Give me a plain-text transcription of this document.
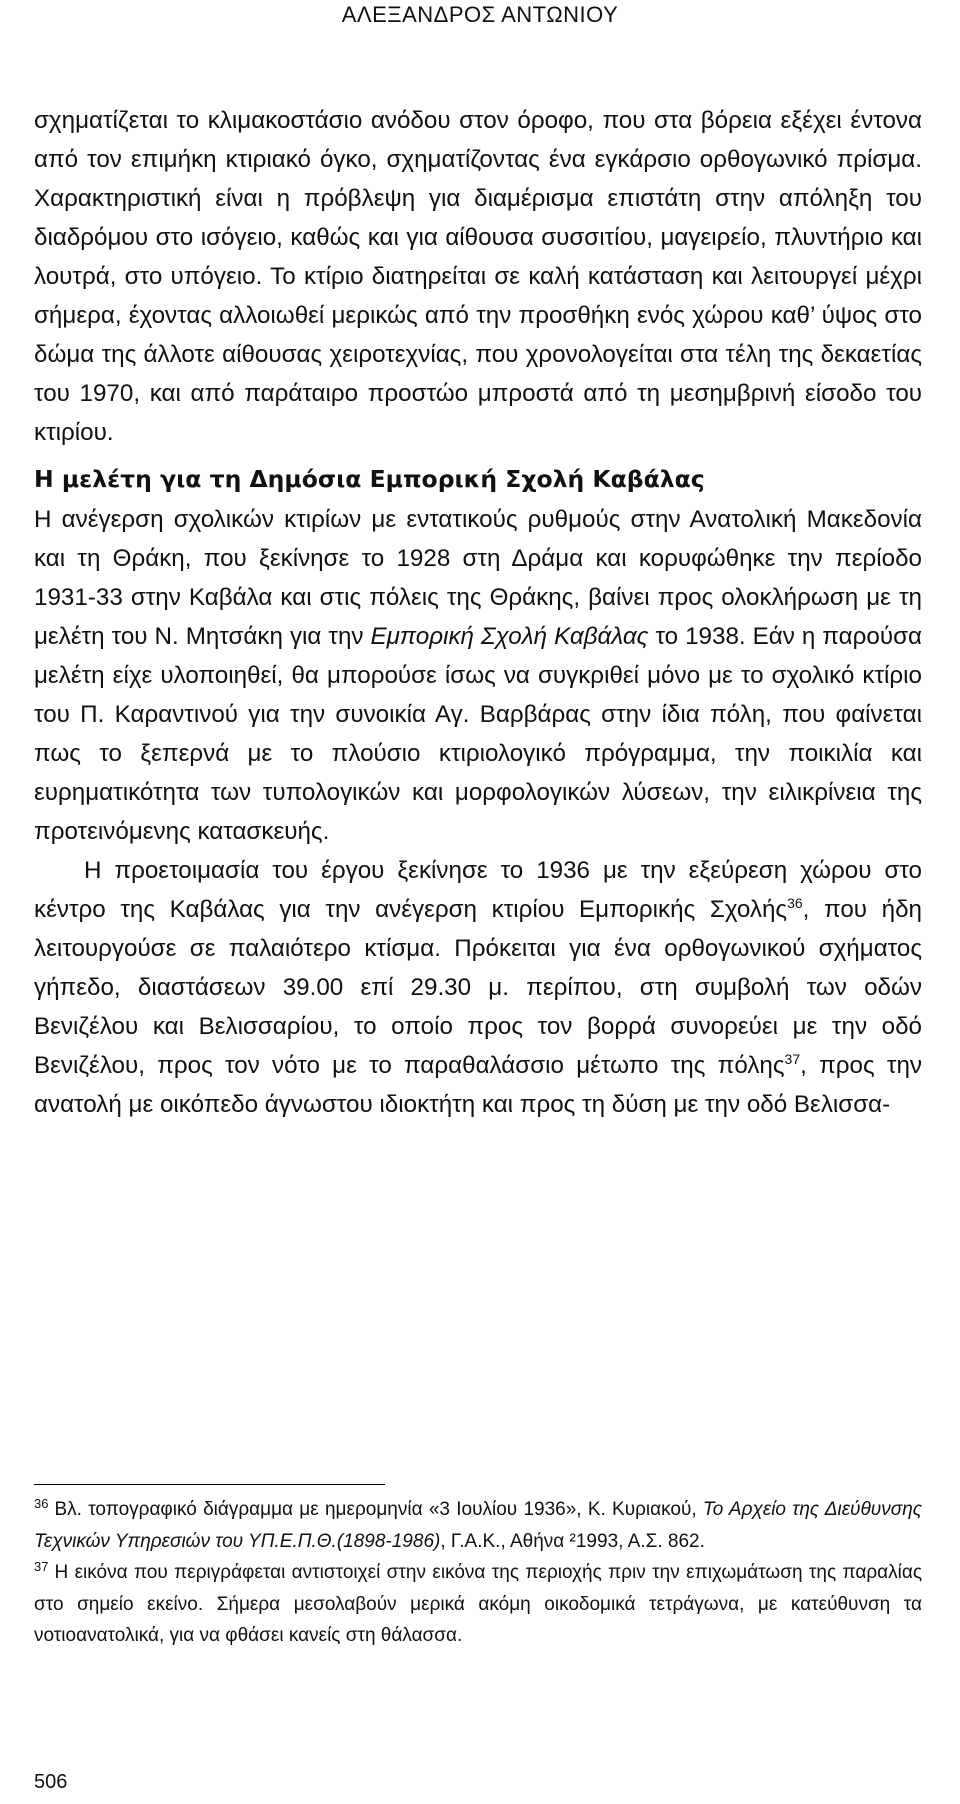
ΑΛΕΞΑΝΔΡΟΣ ΑΝΤΩΝΙΟΥ

σχηματίζεται το κλιμακοστάσιο ανόδου στον όροφο, που στα βόρεια εξέχει έντονα από τον επιμήκη κτιριακό όγκο, σχηματίζοντας ένα εγκάρσιο ορθογωνικό πρίσμα. Χαρακτηριστική είναι η πρόβλεψη για διαμέρισμα επιστάτη στην απόληξη του διαδρόμου στο ισόγειο, καθώς και για αίθουσα συσσιτίου, μαγειρείο, πλυντήριο και λουτρά, στο υπόγειο. Το κτίριο διατηρείται σε καλή κατάσταση και λειτουργεί μέχρι σήμερα, έχοντας αλλοιωθεί μερικώς από την προσθήκη ενός χώρου καθ’ ύψος στο δώμα της άλλοτε αίθουσας χειροτεχνίας, που χρονολογείται στα τέλη της δεκαετίας του 1970, και από παράταιρο προστώο μπροστά από τη μεσημβρινή είσοδο του κτιρίου.

Η μελέτη για τη Δημόσια Εμπορική Σχολή Καβάλας

Η ανέγερση σχολικών κτιρίων με εντατικούς ρυθμούς στην Ανατολική Μακεδονία και τη Θράκη, που ξεκίνησε το 1928 στη Δράμα και κορυφώθηκε την περίοδο 1931-33 στην Καβάλα και στις πόλεις της Θράκης, βαίνει προς ολοκλήρωση με τη μελέτη του Ν. Μητσάκη για την Εμπορική Σχολή Καβάλας το 1938. Εάν η παρούσα μελέτη είχε υλοποιηθεί, θα μπορούσε ίσως να συγκριθεί μόνο με το σχολικό κτίριο του Π. Καραντινού για την συνοικία Αγ. Βαρβάρας στην ίδια πόλη, που φαίνεται πως το ξεπερνά με το πλούσιο κτιριολογικό πρόγραμμα, την ποικιλία και ευρηματικότητα των τυπολογικών και μορφολογικών λύσεων, την ειλικρίνεια της προτεινόμενης κατασκευής.

Η προετοιμασία του έργου ξεκίνησε το 1936 με την εξεύρεση χώρου στο κέντρο της Καβάλας για την ανέγερση κτιρίου Εμπορικής Σχολής$^{36}$, που ήδη λειτουργούσε σε παλαιότερο κτίσμα. Πρόκειται για ένα ορθογωνικού σχήματος γήπεδο, διαστάσεων 39.00 επί 29.30 μ. περίπου, στη συμβολή των οδών Βενιζέλου και Βελισσαρίου, το οποίο προς τον βορρά συνορεύει με την οδό Βενιζέλου, προς τον νότο με το παραθαλάσσιο μέτωπο της πόλης$^{37}$, προς την ανατολή με οικόπεδο άγνωστου ιδιοκτήτη και προς τη δύση με την οδό Βελισσα-

$^{36}$ Βλ. τοπογραφικό διάγραμμα με ημερομηνία «3 Ιουλίου 1936», Κ. Κυριακού, Το Αρχείο της Διεύθυνσης Τεχνικών Υπηρεσιών του ΥΠ.Ε.Π.Θ.(1898-1986), Γ.Α.Κ., Αθήνα ²1993, Α.Σ. 862.

$^{37}$ Η εικόνα που περιγράφεται αντιστοιχεί στην εικόνα της περιοχής πριν την επιχωμάτωση της παραλίας στο σημείο εκείνο. Σήμερα μεσολαβούν μερικά ακόμη οικοδομικά τετράγωνα, με κατεύθυνση τα νοτιοανατολικά, για να φθάσει κανείς στη θάλασσα.

506
